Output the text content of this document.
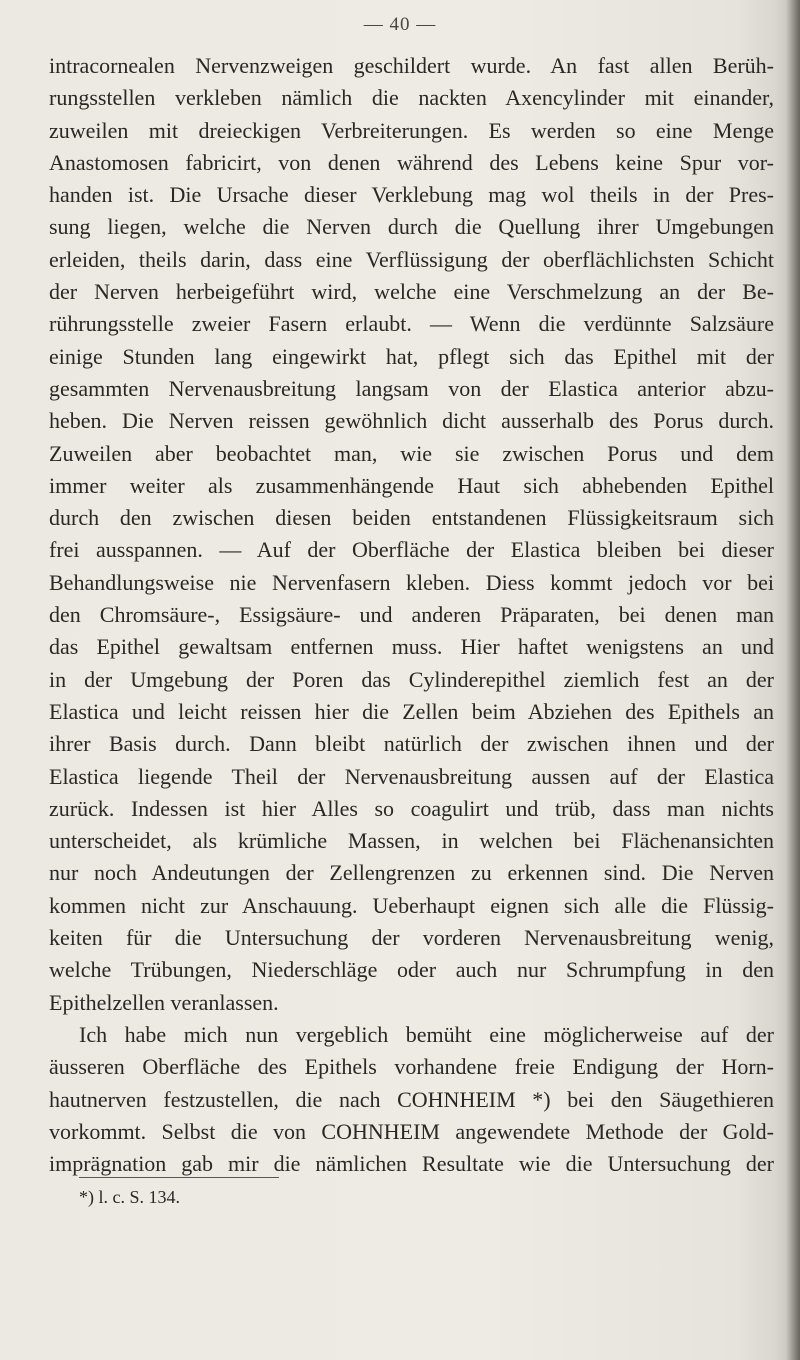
— 40 —
intracornealen Nervenzweigen geschildert wurde. An fast allen Berüh-
rungsstellen verkleben nämlich die nackten Axencylinder mit einander,
zuweilen mit dreieckigen Verbreiterungen. Es werden so eine Menge
Anastomosen fabricirt, von denen während des Lebens keine Spur vor-
handen ist. Die Ursache dieser Verklebung mag wol theils in der Pres-
sung liegen, welche die Nerven durch die Quellung ihrer Umgebungen
erleiden, theils darin, dass eine Verflüssigung der oberflächlichsten Schicht
der Nerven herbeigeführt wird, welche eine Verschmelzung an der Be-
rührungsstelle zweier Fasern erlaubt. — Wenn die verdünnte Salzsäure
einige Stunden lang eingewirkt hat, pflegt sich das Epithel mit der
gesammten Nervenausbreitung langsam von der Elastica anterior abzu-
heben. Die Nerven reissen gewöhnlich dicht ausserhalb des Porus durch.
Zuweilen aber beobachtet man, wie sie zwischen Porus und dem
immer weiter als zusammenhängende Haut sich abhebenden Epithel
durch den zwischen diesen beiden entstandenen Flüssigkeitsraum sich
frei ausspannen. — Auf der Oberfläche der Elastica bleiben bei dieser
Behandlungsweise nie Nervenfasern kleben. Diess kommt jedoch vor bei
den Chromsäure-, Essigsäure- und anderen Präparaten, bei denen man
das Epithel gewaltsam entfernen muss. Hier haftet wenigstens an und
in der Umgebung der Poren das Cylinderepithel ziemlich fest an der
Elastica und leicht reissen hier die Zellen beim Abziehen des Epithels an
ihrer Basis durch. Dann bleibt natürlich der zwischen ihnen und der
Elastica liegende Theil der Nervenausbreitung aussen auf der Elastica
zurück. Indessen ist hier Alles so coagulirt und trüb, dass man nichts
unterscheidet, als krümliche Massen, in welchen bei Flächenansichten
nur noch Andeutungen der Zellengrenzen zu erkennen sind. Die Nerven
kommen nicht zur Anschauung. Ueberhaupt eignen sich alle die Flüssig-
keiten für die Untersuchung der vorderen Nervenausbreitung wenig,
welche Trübungen, Niederschläge oder auch nur Schrumpfung in den
Epithelzellen veranlassen.
Ich habe mich nun vergeblich bemüht eine möglicherweise auf der
äusseren Oberfläche des Epithels vorhandene freie Endigung der Horn-
hautnerven festzustellen, die nach COHNHEIM *) bei den Säugethieren
vorkommt. Selbst die von COHNHEIM angewendete Methode der Gold-
imprägnation gab mir die nämlichen Resultate wie die Untersuchung der
*) l. c. S. 134.
